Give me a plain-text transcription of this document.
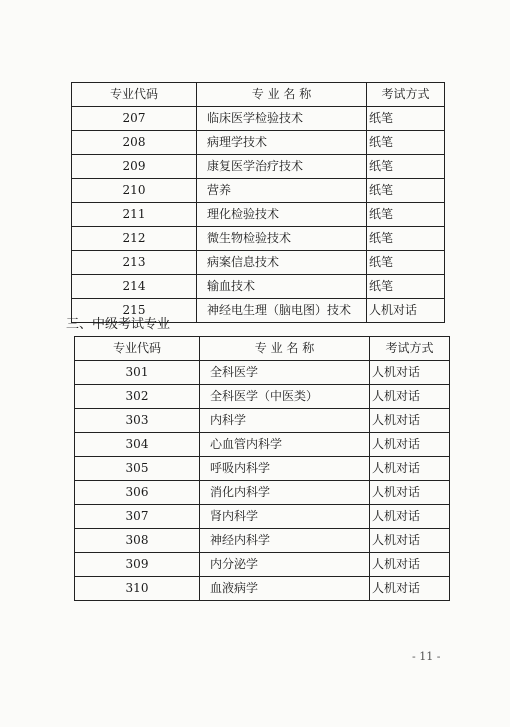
专业代码	专 业 名 称	考试方式
207	临床医学检验技术	纸笔
208	病理学技术	纸笔
209	康复医学治疗技术	纸笔
210	营养	纸笔
211	理化检验技术	纸笔
212	微生物检验技术	纸笔
213	病案信息技术	纸笔
214	输血技术	纸笔
215	神经电生理（脑电图）技术	人机对话
三、中级考试专业
专业代码	专 业 名 称	考试方式
301	全科医学	人机对话
302	全科医学（中医类）	人机对话
303	内科学	人机对话
304	心血管内科学	人机对话
305	呼吸内科学	人机对话
306	消化内科学	人机对话
307	肾内科学	人机对话
308	神经内科学	人机对话
309	内分泌学	人机对话
310	血液病学	人机对话
- 11 -
